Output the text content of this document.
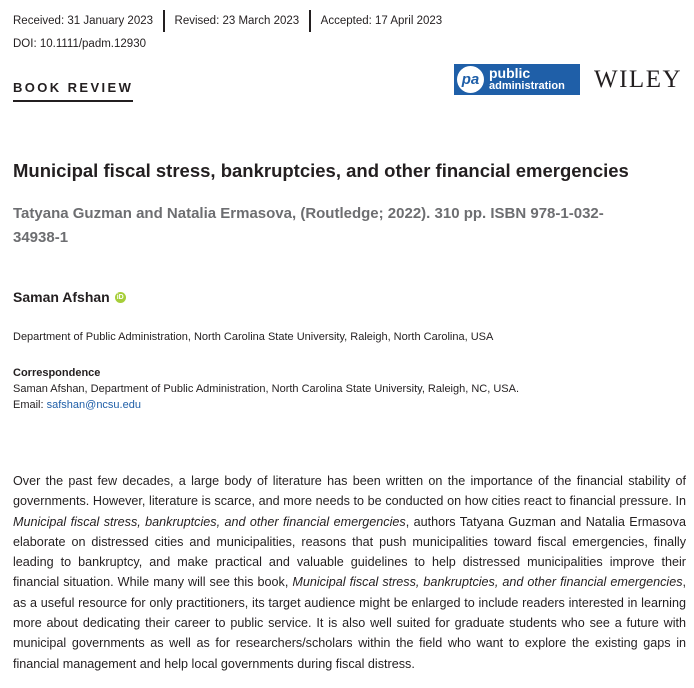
Received: 31 January 2023 Revised: 23 March 2023 Accepted: 17 April 2023
DOI: 10.1111/padm.12930
BOOK REVIEW	pa public
administration WILEY
Municipal fiscal stress, bankruptcies, and other financial emergencies
Tatyana Guzman and Natalia Ermasova, (Routledge; 2022). 310 pp. ISBN 978-1-032-34938-1
Saman Afshan iD
Department of Public Administration, North Carolina State University, Raleigh, North Carolina, USA
Correspondence
Saman Afshan, Department of Public Administration, North Carolina State University, Raleigh, NC, USA.
Email: safshan@ncsu.edu
Over the past few decades, a large body of literature has been written on the importance of the financial stability of governments. However, literature is scarce, and more needs to be conducted on how cities react to financial pressure. In Municipal fiscal stress, bankruptcies, and other financial emergencies, authors Tatyana Guzman and Natalia Ermasova elaborate on distressed cities and municipalities, reasons that push municipalities toward fiscal emergencies, finally leading to bankruptcy, and make practical and valuable guidelines to help distressed municipalities improve their financial situation. While many will see this book, Municipal fiscal stress, bankruptcies, and other financial emergencies, as a useful resource for only practitioners, its target audience might be enlarged to include readers interested in learning more about dedicating their career to public service. It is also well suited for graduate students who see a future with municipal governments as well as for researchers/scholars within the field who want to explore the existing gaps in financial management and help local governments during fiscal distress.
